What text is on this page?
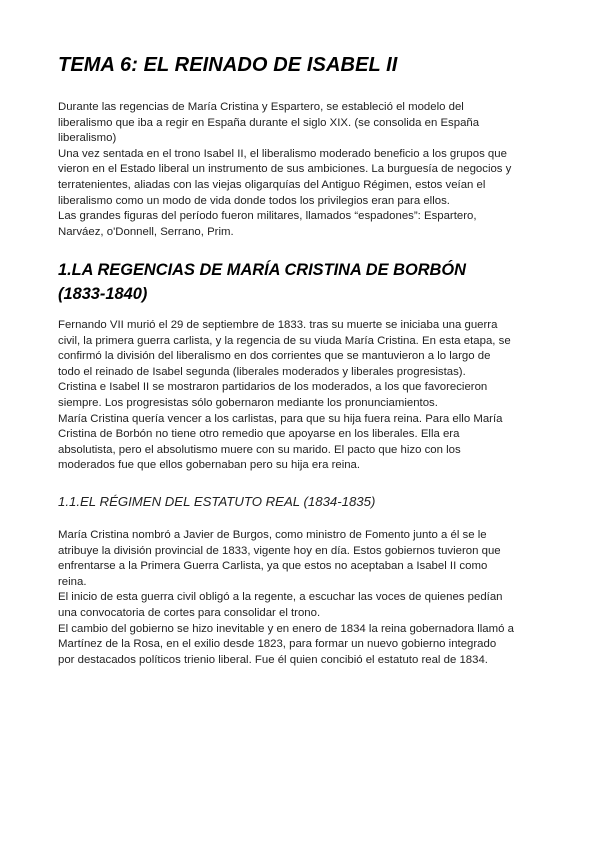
TEMA 6: EL REINADO DE ISABEL II

Durante las regencias de María Cristina y Espartero, se estableció el modelo del
liberalismo que iba a regir en España durante el siglo XIX. (se consolida en España
liberalismo)
Una vez sentada en el trono Isabel II, el liberalismo moderado beneficio a los grupos que
vieron en el Estado liberal un instrumento de sus ambiciones. La burguesía de negocios y
terratenientes, aliadas con las viejas oligarquías del Antiguo Régimen, estos veían el
liberalismo como un modo de vida donde todos los privilegios eran para ellos.
Las grandes figuras del período fueron militares, llamados “espadones”: Espartero,
Narváez, o'Donnell, Serrano, Prim.

1.LA REGENCIAS DE MARÍA CRISTINA DE BORBÓN
(1833-1840)

Fernando VII murió el 29 de septiembre de 1833. tras su muerte se iniciaba una guerra
civil, la primera guerra carlista, y la regencia de su viuda María Cristina. En esta etapa, se
confirmó la división del liberalismo en dos corrientes que se mantuvieron a lo largo de
todo el reinado de Isabel segunda (liberales moderados y liberales progresistas).
Cristina e Isabel II se mostraron partidarios de los moderados, a los que favorecieron
siempre. Los progresistas sólo gobernaron mediante los pronunciamientos.
María Cristina quería vencer a los carlistas, para que su hija fuera reina. Para ello María
Cristina de Borbón no tiene otro remedio que apoyarse en los liberales. Ella era
absolutista, pero el absolutismo muere con su marido. El pacto que hizo con los
moderados fue que ellos gobernaban pero su hija era reina.

1.1.EL RÉGIMEN DEL ESTATUTO REAL (1834-1835)

María Cristina nombró a Javier de Burgos, como ministro de Fomento junto a él se le
atribuye la división provincial de 1833, vigente hoy en día. Estos gobiernos tuvieron que
enfrentarse a la Primera Guerra Carlista, ya que estos no aceptaban a Isabel II como
reina.
El inicio de esta guerra civil obligó a la regente, a escuchar las voces de quienes pedían
una convocatoria de cortes para consolidar el trono.
El cambio del gobierno se hizo inevitable y en enero de 1834 la reina gobernadora llamó a
Martínez de la Rosa, en el exilio desde 1823, para formar un nuevo gobierno integrado
por destacados políticos trienio liberal. Fue él quien concibió el estatuto real de 1834.
